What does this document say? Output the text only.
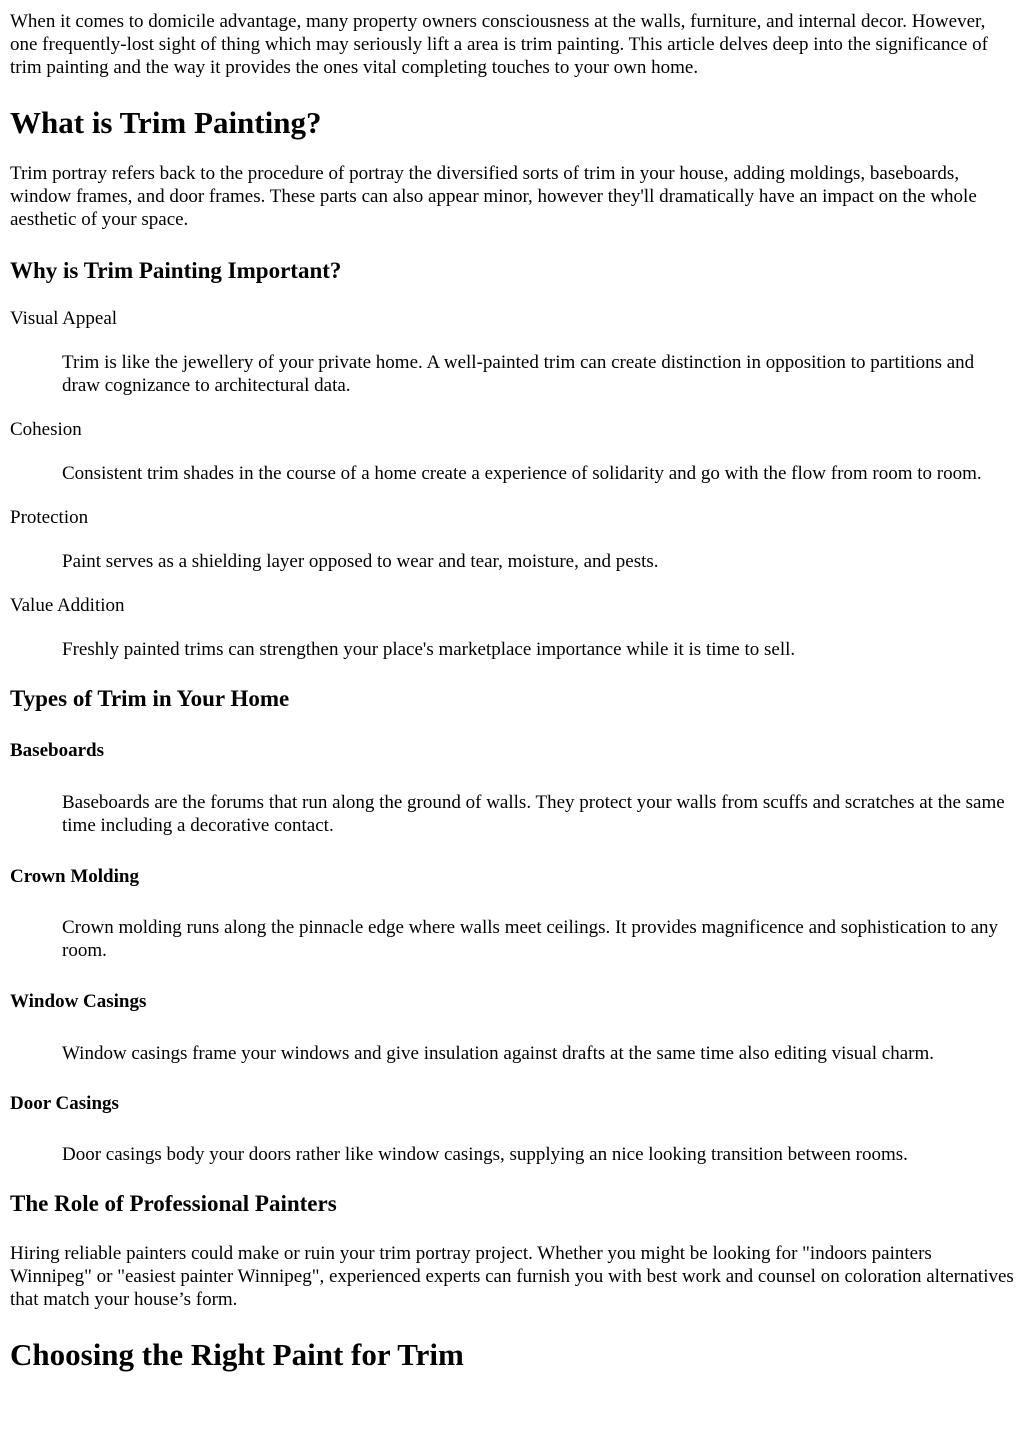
When it comes to domicile advantage, many property owners consciousness at the walls, furniture, and internal decor. However, one frequently-lost sight of thing which may seriously lift a area is trim painting. This article delves deep into the significance of trim painting and the way it provides the ones vital completing touches to your own home.

What is Trim Painting?

Trim portray refers back to the procedure of portray the diversified sorts of trim in your house, adding moldings, baseboards, window frames, and door frames. These parts can also appear minor, however they'll dramatically have an impact on the whole aesthetic of your space.

Why is Trim Painting Important?
Visual Appeal
Trim is like the jewellery of your private home. A well-painted trim can create distinction in opposition to partitions and draw cognizance to architectural data.
Cohesion
Consistent trim shades in the course of a home create a experience of solidarity and go with the flow from room to room.
Protection
Paint serves as a shielding layer opposed to wear and tear, moisture, and pests.
Value Addition
Freshly painted trims can strengthen your place's marketplace importance while it is time to sell.
Types of Trim in Your Home
Baseboards

Baseboards are the forums that run along the ground of walls. They protect your walls from scuffs and scratches at the same time including a decorative contact.

Crown Molding

Crown molding runs along the pinnacle edge where walls meet ceilings. It provides magnificence and sophistication to any room.

Window Casings

Window casings frame your windows and give insulation against drafts at the same time also editing visual charm.

Door Casings

Door casings body your doors rather like window casings, supplying an nice looking transition between rooms.

The Role of Professional Painters

Hiring reliable painters could make or ruin your trim portray project. Whether you might be looking for "indoors painters Winnipeg" or "easiest painter Winnipeg", experienced experts can furnish you with best work and counsel on coloration alternatives that match your house’s form.

Choosing the Right Paint for Trim
